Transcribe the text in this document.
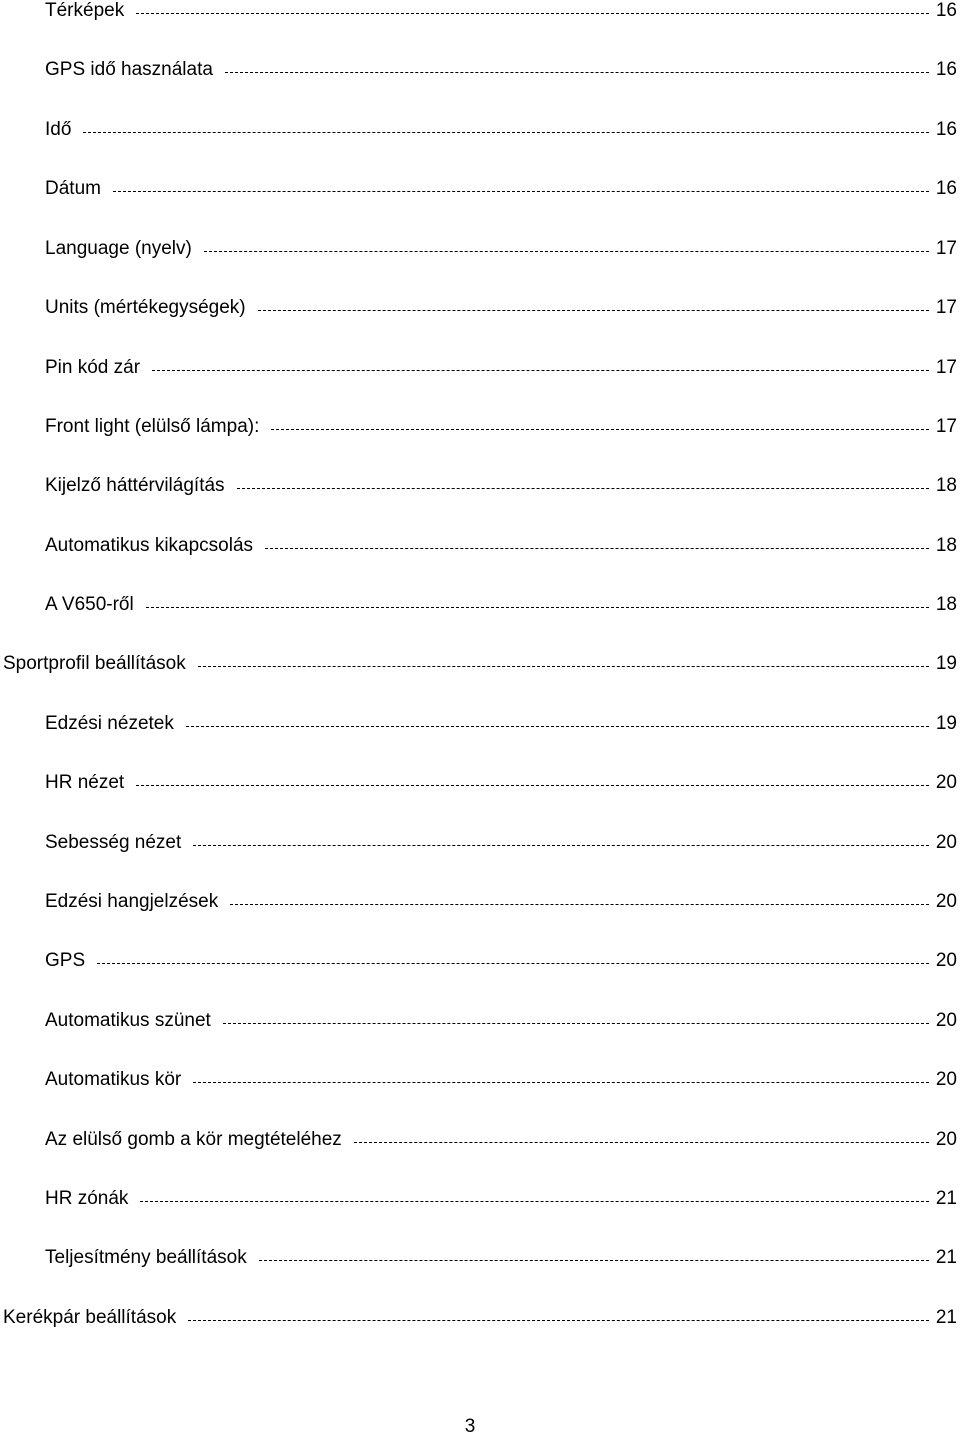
Térképek	16
GPS idő használata	16
Idő	16
Dátum	16
Language (nyelv)	17
Units (mértékegységek)	17
Pin kód zár	17
Front light (elülső lámpa):	17
Kijelző háttérvilágítás	18
Automatikus kikapcsolás	18
A V650-ről	18
Sportprofil beállítások	19
Edzési nézetek	19
HR nézet	20
Sebesség nézet	20
Edzési hangjelzések	20
GPS	20
Automatikus szünet	20
Automatikus kör	20
Az elülső gomb a kör megtételéhez	20
HR zónák	21
Teljesítmény beállítások	21
Kerékpár beállítások	21
3
